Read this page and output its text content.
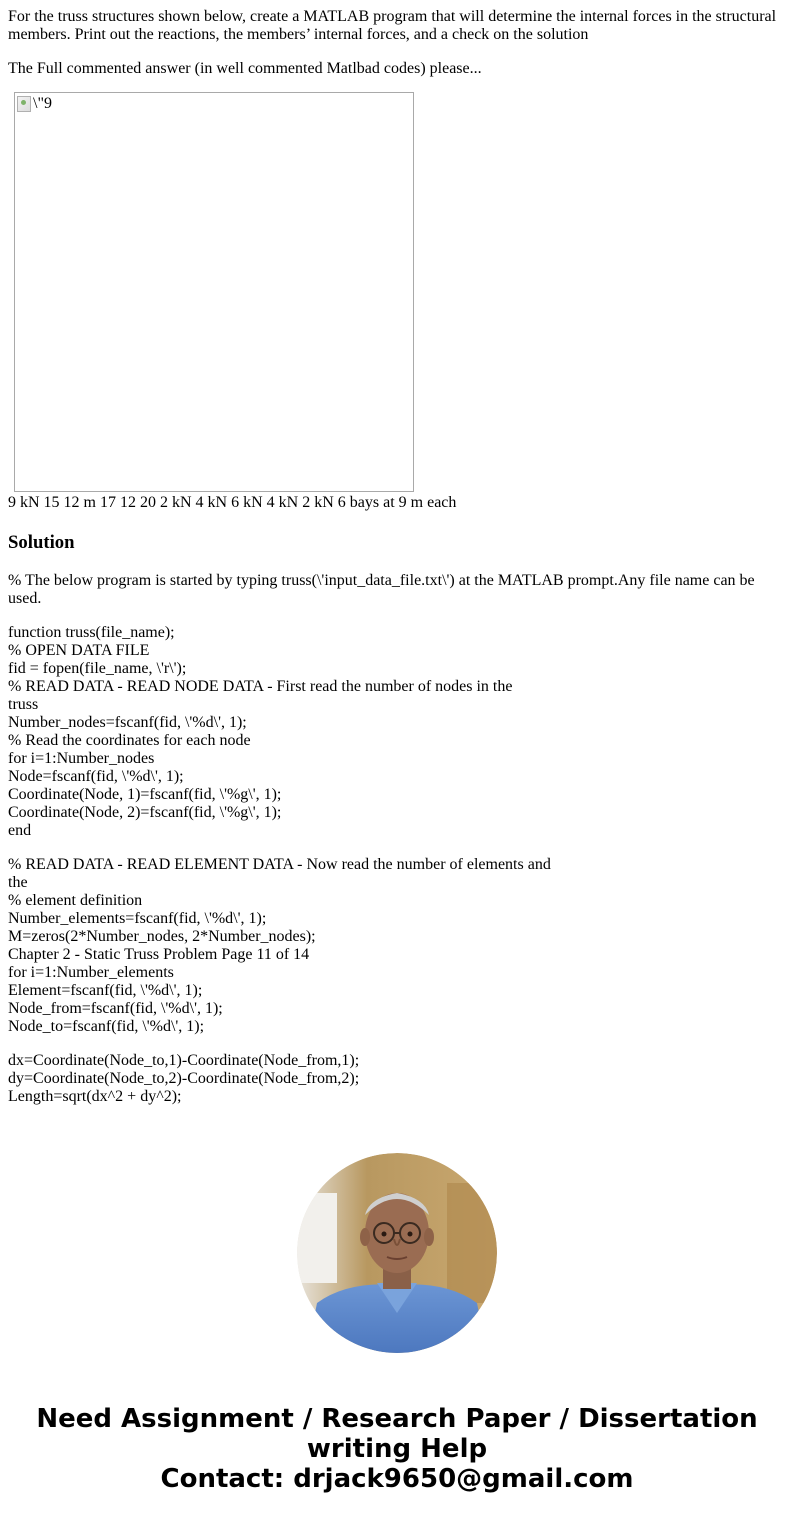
For the truss structures shown below, create a MATLAB program that will determine the internal forces in the structural
members. Print out the reactions, the members’ internal forces, and a check on the solution

The Full commented answer (in well commented Matlbad codes) please...

\"9

9 kN 15 12 m 17 12 20 2 kN 4 kN 6 kN 4 kN 2 kN 6 bays at 9 m each

Solution

% The below program is started by typing truss(\'input_data_file.txt\') at the MATLAB prompt.Any file name can be
used.

function truss(file_name);
% OPEN DATA FILE
fid = fopen(file_name, \'r\');
% READ DATA - READ NODE DATA - First read the number of nodes in the
truss
Number_nodes=fscanf(fid, \'%d\', 1);
% Read the coordinates for each node
for i=1:Number_nodes
Node=fscanf(fid, \'%d\', 1);
Coordinate(Node, 1)=fscanf(fid, \'%g\', 1);
Coordinate(Node, 2)=fscanf(fid, \'%g\', 1);
end

% READ DATA - READ ELEMENT DATA - Now read the number of elements and
the
% element definition
Number_elements=fscanf(fid, \'%d\', 1);
M=zeros(2*Number_nodes, 2*Number_nodes);
Chapter 2 - Static Truss Problem Page 11 of 14
for i=1:Number_elements
Element=fscanf(fid, \'%d\', 1);
Node_from=fscanf(fid, \'%d\', 1);
Node_to=fscanf(fid, \'%d\', 1);

dx=Coordinate(Node_to,1)-Coordinate(Node_from,1);
dy=Coordinate(Node_to,2)-Coordinate(Node_from,2);
Length=sqrt(dx^2 + dy^2);

Need Assignment / Research Paper / Dissertation
writing Help
Contact: drjack9650@gmail.com
